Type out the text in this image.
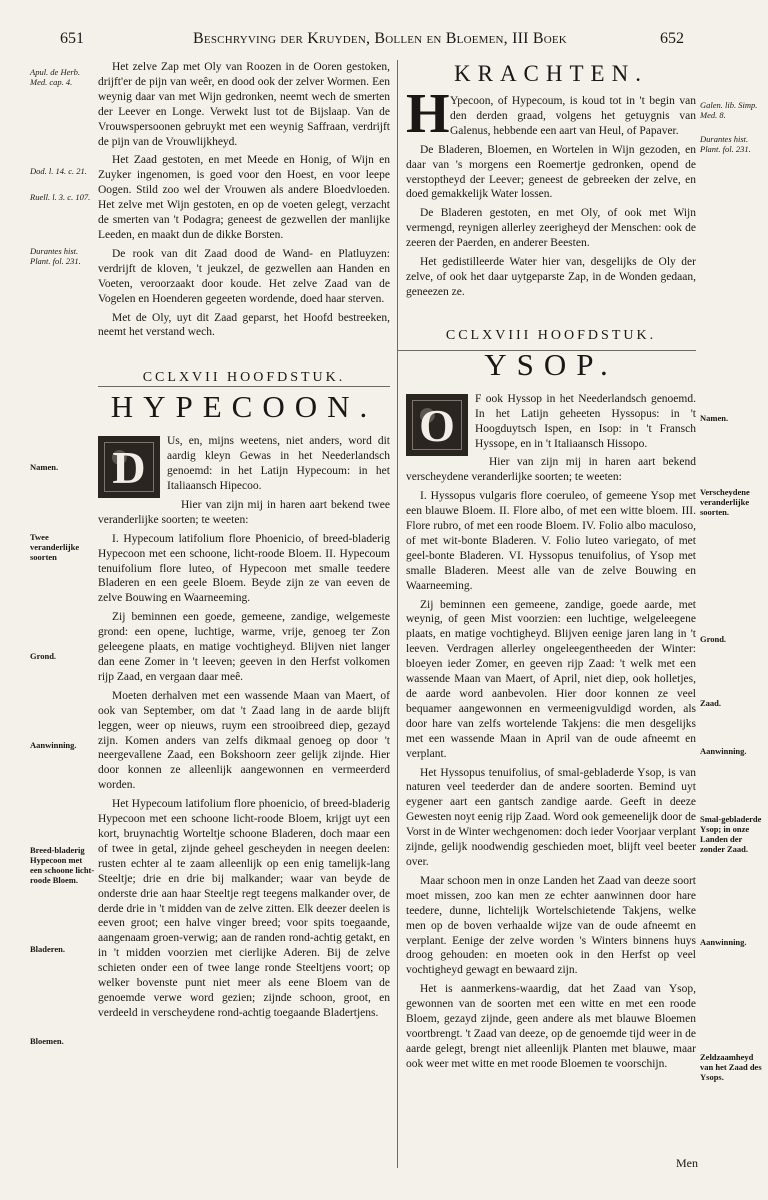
651	Beschryving der Kruyden, Bollen en Bloemen, III Boek	652
Apul. de Herb. Med. cap. 4.
Dod. l. 14. c. 21.
Ruell. l. 3. c. 107.
Durantes hist. Plant. fol. 231.
Namen.
Twee veranderlijke soorten
Grond.
Aanwinning.
Breed-bladerig Hypecoon met een schoone licht-roode Bloem.
Bladeren.
Bloemen.
Galen. lib. Simp. Med. 8.
Durantes hist. Plant. fol. 231.
Namen.
Verscheydene veranderlijke soorten.
Grond.
Zaad.
Aanwinning.
Smal-gebladerde Ysop; in onze Landen der zonder Zaad.
Aanwinning.
Zeldzaamheyd van het Zaad des Ysops.

Het zelve Zap met Oly van Roozen in de Ooren gestoken, drijft'er de pijn van weêr, en dood ook der zelver Wormen. Een weynig daar van met Wijn gedronken, neemt wech de smerten der Leever en Longe. Verwekt lust tot de Bijslaap. Van de Vrouwspersoonen gebruykt met een weynig Saffraan, verdrijft de pijn van de Vrouwlijkheyd.

Het Zaad gestoten, en met Meede en Honig, of Wijn en Zuyker ingenomen, is goed voor den Hoest, en voor leepe Oogen. Stild zoo wel der Vrouwen als andere Bloedvloeden. Het zelve met Wijn gestoten, en op de voeten gelegt, verzacht de smerten van 't Podagra; geneest de gezwellen der manlijke Leeden, en maakt dun de dikke Borsten.

De rook van dit Zaad dood de Wand- en Platluyzen: verdrijft de kloven, 't jeukzel, de gezwellen aan Handen en Voeten, veroorzaakt door koude. Het zelve Zaad van de Vogelen en Hoenderen gegeeten wordende, doed haar sterven.

Met de Oly, uyt dit Zaad geparst, het Hoofd bestreeken, neemt het verstand wech.

CCLXVII HOOFDSTUK.
HYPECOON.

D
Us, en, mijns weetens, niet anders, word dit aardig kleyn Gewas in het Neederlandsch genoemd: in het Latijn Hypecoum: in het Italiaansch Hipecoo.

Hier van zijn mij in haren aart bekend twee veranderlijke soorten; te weeten:

I. Hypecoum latifolium flore Phoenicio, of breed-bladerig Hypecoon met een schoone, licht-roode Bloem. II. Hypecoum tenuifolium flore luteo, of Hypecoon met smalle teedere Bladeren en een geele Bloem. Beyde zijn ze van eeven de zelve Bouwing en Waarneeming.

Zij beminnen een goede, gemeene, zandige, welgemeste grond: een opene, luchtige, warme, vrije, genoeg ter Zon geleegene plaats, en matige vochtigheyd. Blijven niet langer dan eene Zomer in 't leeven; geeven in den Herfst volkomen rijp Zaad, en vergaan daar meê.

Moeten derhalven met een wassende Maan van Maert, of ook van September, om dat 't Zaad lang in de aarde blijft leggen, weer op nieuws, ruym een strooibreed diep, gezayd zijn. Komen anders van zelfs dikmaal genoeg op door 't neergevallene Zaad, een Bokshoorn zeer gelijk zijnde. Hier door konnen ze alleenlijk aangewonnen en vermeerderd worden.

Het Hypecoum latifolium flore phoenicio, of breed-bladerig Hypecoon met een schoone licht-roode Bloem, krijgt uyt een kort, bruynachtig Worteltje schoone Bladeren, doch maar een of twee in getal, zijnde geheel gescheyden in neegen deelen: rusten echter al te zaam alleenlijk op een enig tamelijk-lang Steeltje; drie en drie bij malkander; waar van beyde de onderste drie aan haar Steeltje regt teegens malkander over, de derde drie in 't midden van de zelve zitten. Elk deezer deelen is eeven groot; een halve vinger breed; voor spits toegaande, aangenaam groen-verwig; aan de randen rond-achtig getakt, en in 't midden voorzien met cierlijke Aderen. Bij de zelve schieten onder een of twee lange ronde Steeltjens voort; op welker bovenste punt niet meer als eene Bloem van de genoemde verwe word gezien; zijnde schoon, groot, en verdeeld in verscheydene rond-achtig toegaande Bladertjens.

KRACHTEN.

H Ypecoon, of Hypecoum, is koud tot in 't begin van den derden graad, volgens het getuygnis van Galenus, hebbende een aart van Heul, of Papaver.

De Bladeren, Bloemen, en Wortelen in Wijn gezoden, en daar van 's morgens een Roemertje gedronken, opend de verstoptheyd der Leever; geneest de gebreeken der zelve, en doed gemakkelijk Water lossen.

De Bladeren gestoten, en met Oly, of ook met Wijn vermengd, reynigen allerley zeerigheyd der Menschen: ook de zeeren der Paerden, en anderer Beesten.

Het gedistilleerde Water hier van, desgelijks de Oly der zelve, of ook het daar uytgeparste Zap, in de Wonden gedaan, geneezen ze.

CCLXVIII HOOFDSTUK.
YSOP.

O
F ook Hyssop in het Neederlandsch genoemd. In het Latijn geheeten Hyssopus: in 't Hoogduytsch Ispen, en Isop: in 't Fransch Hyssope, en in 't Italiaansch Hissopo.

Hier van zijn mij in haren aart bekend verscheydene veranderlijke soorten; te weeten:

I. Hyssopus vulgaris flore coeruleo, of gemeene Ysop met een blauwe Bloem. II. Flore albo, of met een witte bloem. III. Flore rubro, of met een roode Bloem. IV. Folio albo maculoso, of met wit-bonte Bladeren. V. Folio luteo variegato, of met geel-bonte Bladeren. VI. Hyssopus tenuifolius, of Ysop met smalle Bladeren. Meest alle van de zelve Bouwing en Waarneeming.

Zij beminnen een gemeene, zandige, goede aarde, met weynig, of geen Mist voorzien: een luchtige, welgeleegene plaats, en matige vochtigheyd. Blijven eenige jaren lang in 't leeven. Verdragen allerley ongeleegentheeden der Winter: bloeyen ieder Zomer, en geeven rijp Zaad: 't welk met een wassende Maan van Maert, of April, niet diep, ook holletjes, de aarde word aanbevolen. Hier door konnen ze veel bequamer aangewonnen en vermeenigvuldigd worden, als door hare van zelfs wortelende Takjens: die men desgelijks met een wassende Maan in April van de oude afneemt en verplant.

Het Hyssopus tenuifolius, of smal-gebladerde Ysop, is van naturen veel teederder dan de andere soorten. Bemind uyt eygener aart een gantsch zandige aarde. Geeft in deeze Gewesten noyt eenig rijp Zaad. Word ook gemeenelijk door de Vorst in de Winter wechgenomen: doch ieder Voorjaar verplant zijnde, gelijk noodwendig geschieden moet, blijft veel beeter over.

Maar schoon men in onze Landen het Zaad van deeze soort moet missen, zoo kan men ze echter aanwinnen door hare teedere, dunne, lichtelijk Wortelschietende Takjens, welke men op de boven verhaalde wijze van de oude afneemt en verplant. Eenige der zelve worden 's Winters binnens huys droog gehouden: en moeten ook in den Herfst op veel vochtigheyd gewagt en bewaard zijn.

Het is aanmerkens-waardig, dat het Zaad van Ysop, gewonnen van de soorten met een witte en met een roode Bloem, gezayd zijnde, geen andere als met blauwe Bloemen voortbrengt. 't Zaad van deeze, op de genoemde tijd weer in de aarde gelegt, brengt niet alleenlijk Planten met blauwe, maar ook weer met witte en met roode Bloemen te voorschijn.

Men
